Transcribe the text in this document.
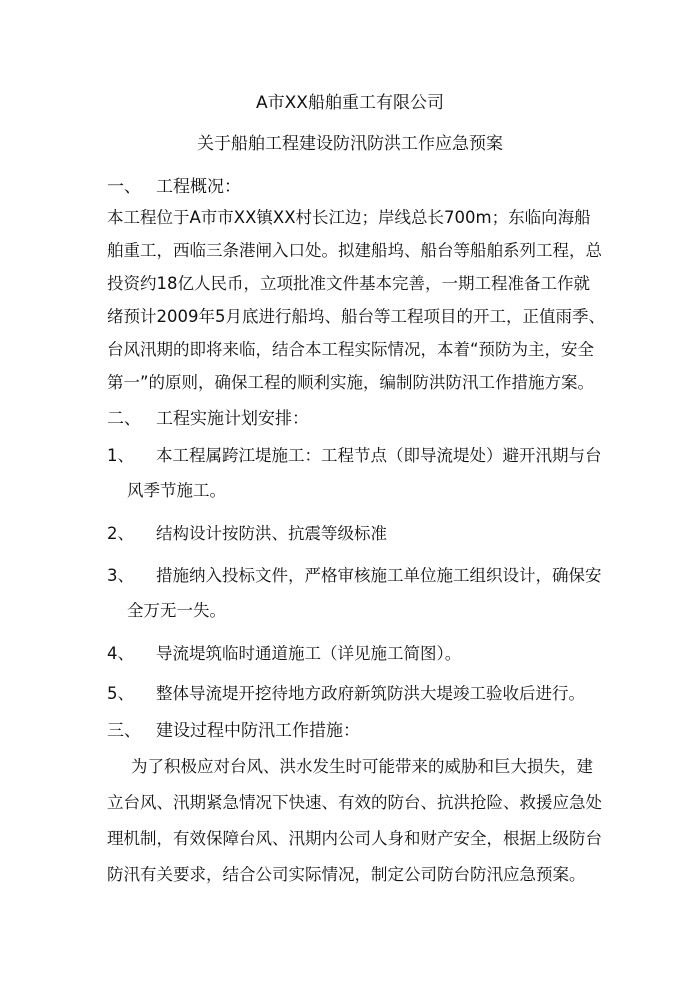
A市XX船舶重工有限公司
关于船舶工程建设防汛防洪工作应急预案
一、 工程概况：
本工程位于A市市XX镇XX村长江边；岸线总长700m；东临向海船
舶重工，西临三条港闸入口处。拟建船坞、船台等船舶系列工程，总
投资约18亿人民币，立项批准文件基本完善，一期工程准备工作就
绪预计2009年5月底进行船坞、船台等工程项目的开工，正值雨季、
台风汛期的即将来临，结合本工程实际情况，本着“预防为主，安全
第一”的原则，确保工程的顺利实施，编制防洪防汛工作措施方案。
二、 工程实施计划安排：
1、 本工程属跨江堤施工：工程节点（即导流堤处）避开汛期与台
风季节施工。
2、 结构设计按防洪、抗震等级标准
3、 措施纳入投标文件，严格审核施工单位施工组织设计，确保安
全万无一失。
4、 导流堤筑临时通道施工（详见施工简图）。
5、 整体导流堤开挖待地方政府新筑防洪大堤竣工验收后进行。
三、 建设过程中防汛工作措施：
为了积极应对台风、洪水发生时可能带来的威胁和巨大损失，建
立台风、汛期紧急情况下快速、有效的防台、抗洪抢险、救援应急处
理机制，有效保障台风、汛期内公司人身和财产安全，根据上级防台
防汛有关要求，结合公司实际情况，制定公司防台防汛应急预案。
